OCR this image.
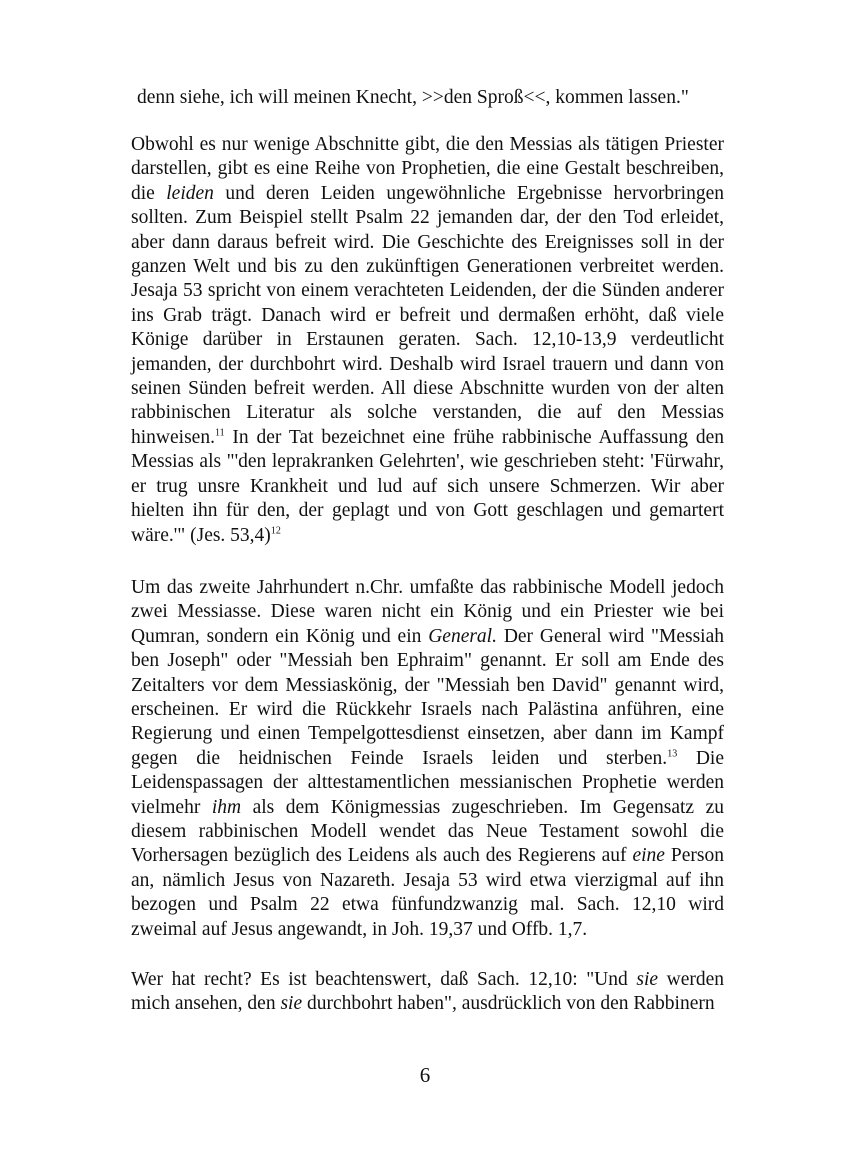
denn siehe, ich will meinen Knecht, >>den Sproß<<, kommen lassen."

Obwohl es nur wenige Abschnitte gibt, die den Messias als tätigen Priester darstellen, gibt es eine Reihe von Prophetien, die eine Gestalt beschreiben, die leiden und deren Leiden ungewöhnliche Ergebnisse hervorbringen sollten. Zum Beispiel stellt Psalm 22 jemanden dar, der den Tod erleidet, aber dann daraus befreit wird. Die Geschichte des Ereignisses soll in der ganzen Welt und bis zu den zukünftigen Generationen verbreitet werden. Jesaja 53 spricht von einem verachteten Leidenden, der die Sünden anderer ins Grab trägt. Danach wird er befreit und dermaßen erhöht, daß viele Könige darüber in Erstaunen geraten. Sach. 12,10-13,9 verdeutlicht jemanden, der durchbohrt wird. Deshalb wird Israel trauern und dann von seinen Sünden befreit werden. All diese Abschnitte wurden von der alten rabbinischen Literatur als solche verstanden, die auf den Messias hinweisen.$^{11}$ In der Tat bezeichnet eine frühe rabbinische Auffassung den Messias als "'den leprakranken Gelehrten', wie geschrieben steht: 'Fürwahr, er trug unsre Krankheit und lud auf sich unsere Schmerzen. Wir aber hielten ihn für den, der geplagt und von Gott geschlagen und gemartert wäre.'" (Jes. 53,4)$^{12}$

Um das zweite Jahrhundert n.Chr. umfaßte das rabbinische Modell jedoch zwei Messiasse. Diese waren nicht ein König und ein Priester wie bei Qumran, sondern ein König und ein General. Der General wird "Messiah ben Joseph" oder "Messiah ben Ephraim" genannt. Er soll am Ende des Zeitalters vor dem Messiaskönig, der "Messiah ben David" genannt wird, erscheinen. Er wird die Rückkehr Israels nach Palästina anführen, eine Regierung und einen Tempelgottesdienst einsetzen, aber dann im Kampf gegen die heidnischen Feinde Israels leiden und sterben.$^{13}$ Die Leidenspassagen der alttestamentlichen messianischen Prophetie werden vielmehr ihm als dem Königmessias zugeschrieben. Im Gegensatz zu diesem rabbinischen Modell wendet das Neue Testament sowohl die Vorhersagen bezüglich des Leidens als auch des Regierens auf eine Person an, nämlich Jesus von Nazareth. Jesaja 53 wird etwa vierzigmal auf ihn bezogen und Psalm 22 etwa fünfundzwanzig mal. Sach. 12,10 wird zweimal auf Jesus angewandt, in Joh. 19,37 und Offb. 1,7.

Wer hat recht? Es ist beachtenswert, daß Sach. 12,10: "Und sie werden mich ansehen, den sie durchbohrt haben", ausdrücklich von den Rabbinern

6
